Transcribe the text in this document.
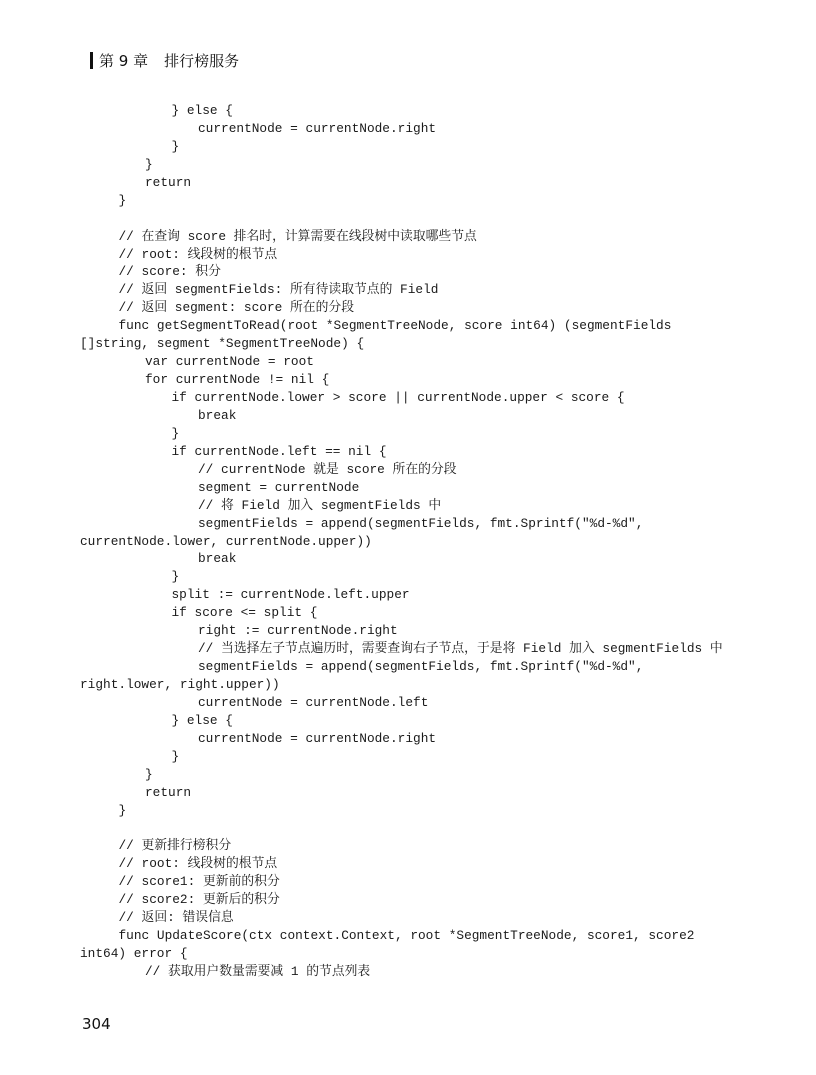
第 9 章 排行榜服务
} else {
currentNode = currentNode.right
}
}
return
}
// 在查询 score 排名时，计算需要在线段树中读取哪些节点
// root: 线段树的根节点
// score: 积分
// 返回 segmentFields: 所有待读取节点的 Field
// 返回 segment: score 所在的分段
func getSegmentToRead(root *SegmentTreeNode, score int64) (segmentFields
[]string, segment *SegmentTreeNode) {
var currentNode = root
for currentNode != nil {
if currentNode.lower > score || currentNode.upper < score {
break
}
if currentNode.left == nil {
// currentNode 就是 score 所在的分段
segment = currentNode
// 将 Field 加入 segmentFields 中
segmentFields = append(segmentFields, fmt.Sprintf("%d-%d",
currentNode.lower, currentNode.upper))
break
}
split := currentNode.left.upper
if score <= split {
right := currentNode.right
// 当选择左子节点遍历时，需要查询右子节点，于是将 Field 加入 segmentFields 中
segmentFields = append(segmentFields, fmt.Sprintf("%d-%d",
right.lower, right.upper))
currentNode = currentNode.left
} else {
currentNode = currentNode.right
}
}
return
}
// 更新排行榜积分
// root: 线段树的根节点
// score1: 更新前的积分
// score2: 更新后的积分
// 返回: 错误信息
func UpdateScore(ctx context.Context, root *SegmentTreeNode, score1, score2
int64) error {
// 获取用户数量需要减 1 的节点列表
304
